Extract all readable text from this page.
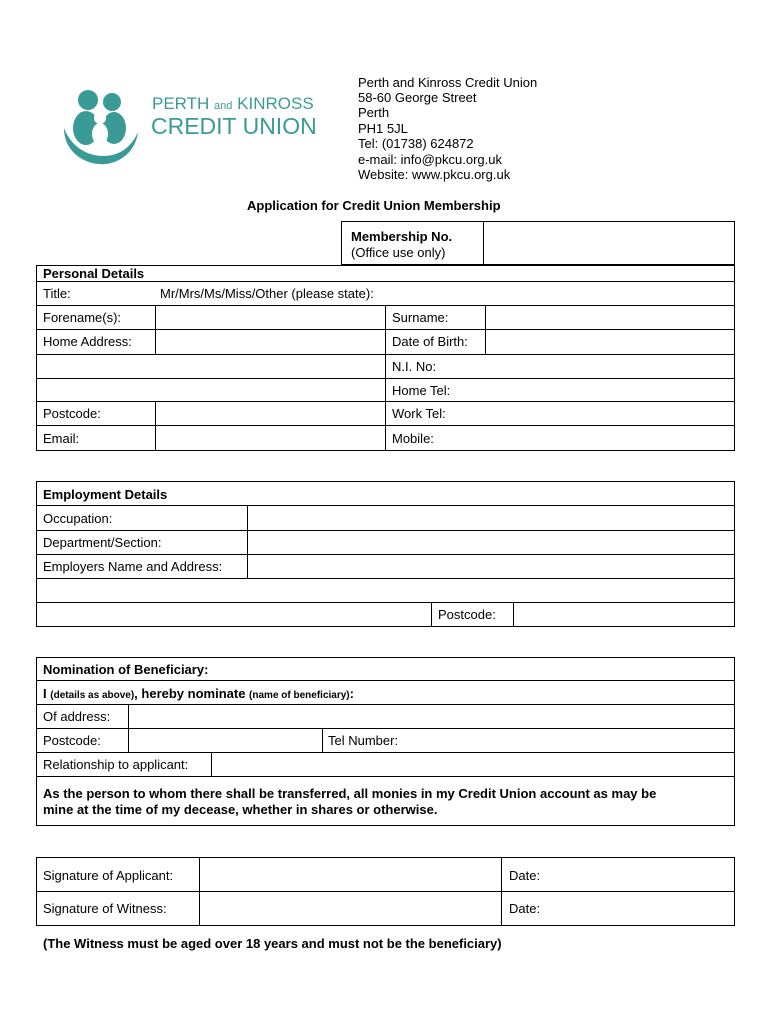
PERTH and KINROSS
CREDIT UNION
Perth and Kinross Credit Union
58-60 George Street
Perth
PH1 5JL
Tel: (01738) 624872
e-mail: info@pkcu.org.uk
Website: www.pkcu.org.uk
Application for Credit Union Membership
Membership No.
(Office use only)
Personal Details
Title:	Mr/Mrs/Ms/Miss/Other (please state):
Forename(s):	Surname:
Home Address:	Date of Birth:
N.I. No:
Home Tel:
Postcode:	Work Tel:
Email:	Mobile:
Employment Details
Occupation:
Department/Section:
Employers Name and Address:
Postcode:
Nomination of Beneficiary:
I (details as above), hereby nominate (name of beneficiary):
Of address:
Postcode:	Tel Number:
Relationship to applicant:
As the person to whom there shall be transferred, all monies in my Credit Union account as may be
mine at the time of my decease, whether in shares or otherwise.
Signature of Applicant:	Date:
Signature of Witness:	Date:
(The Witness must be aged over 18 years and must not be the beneficiary)
